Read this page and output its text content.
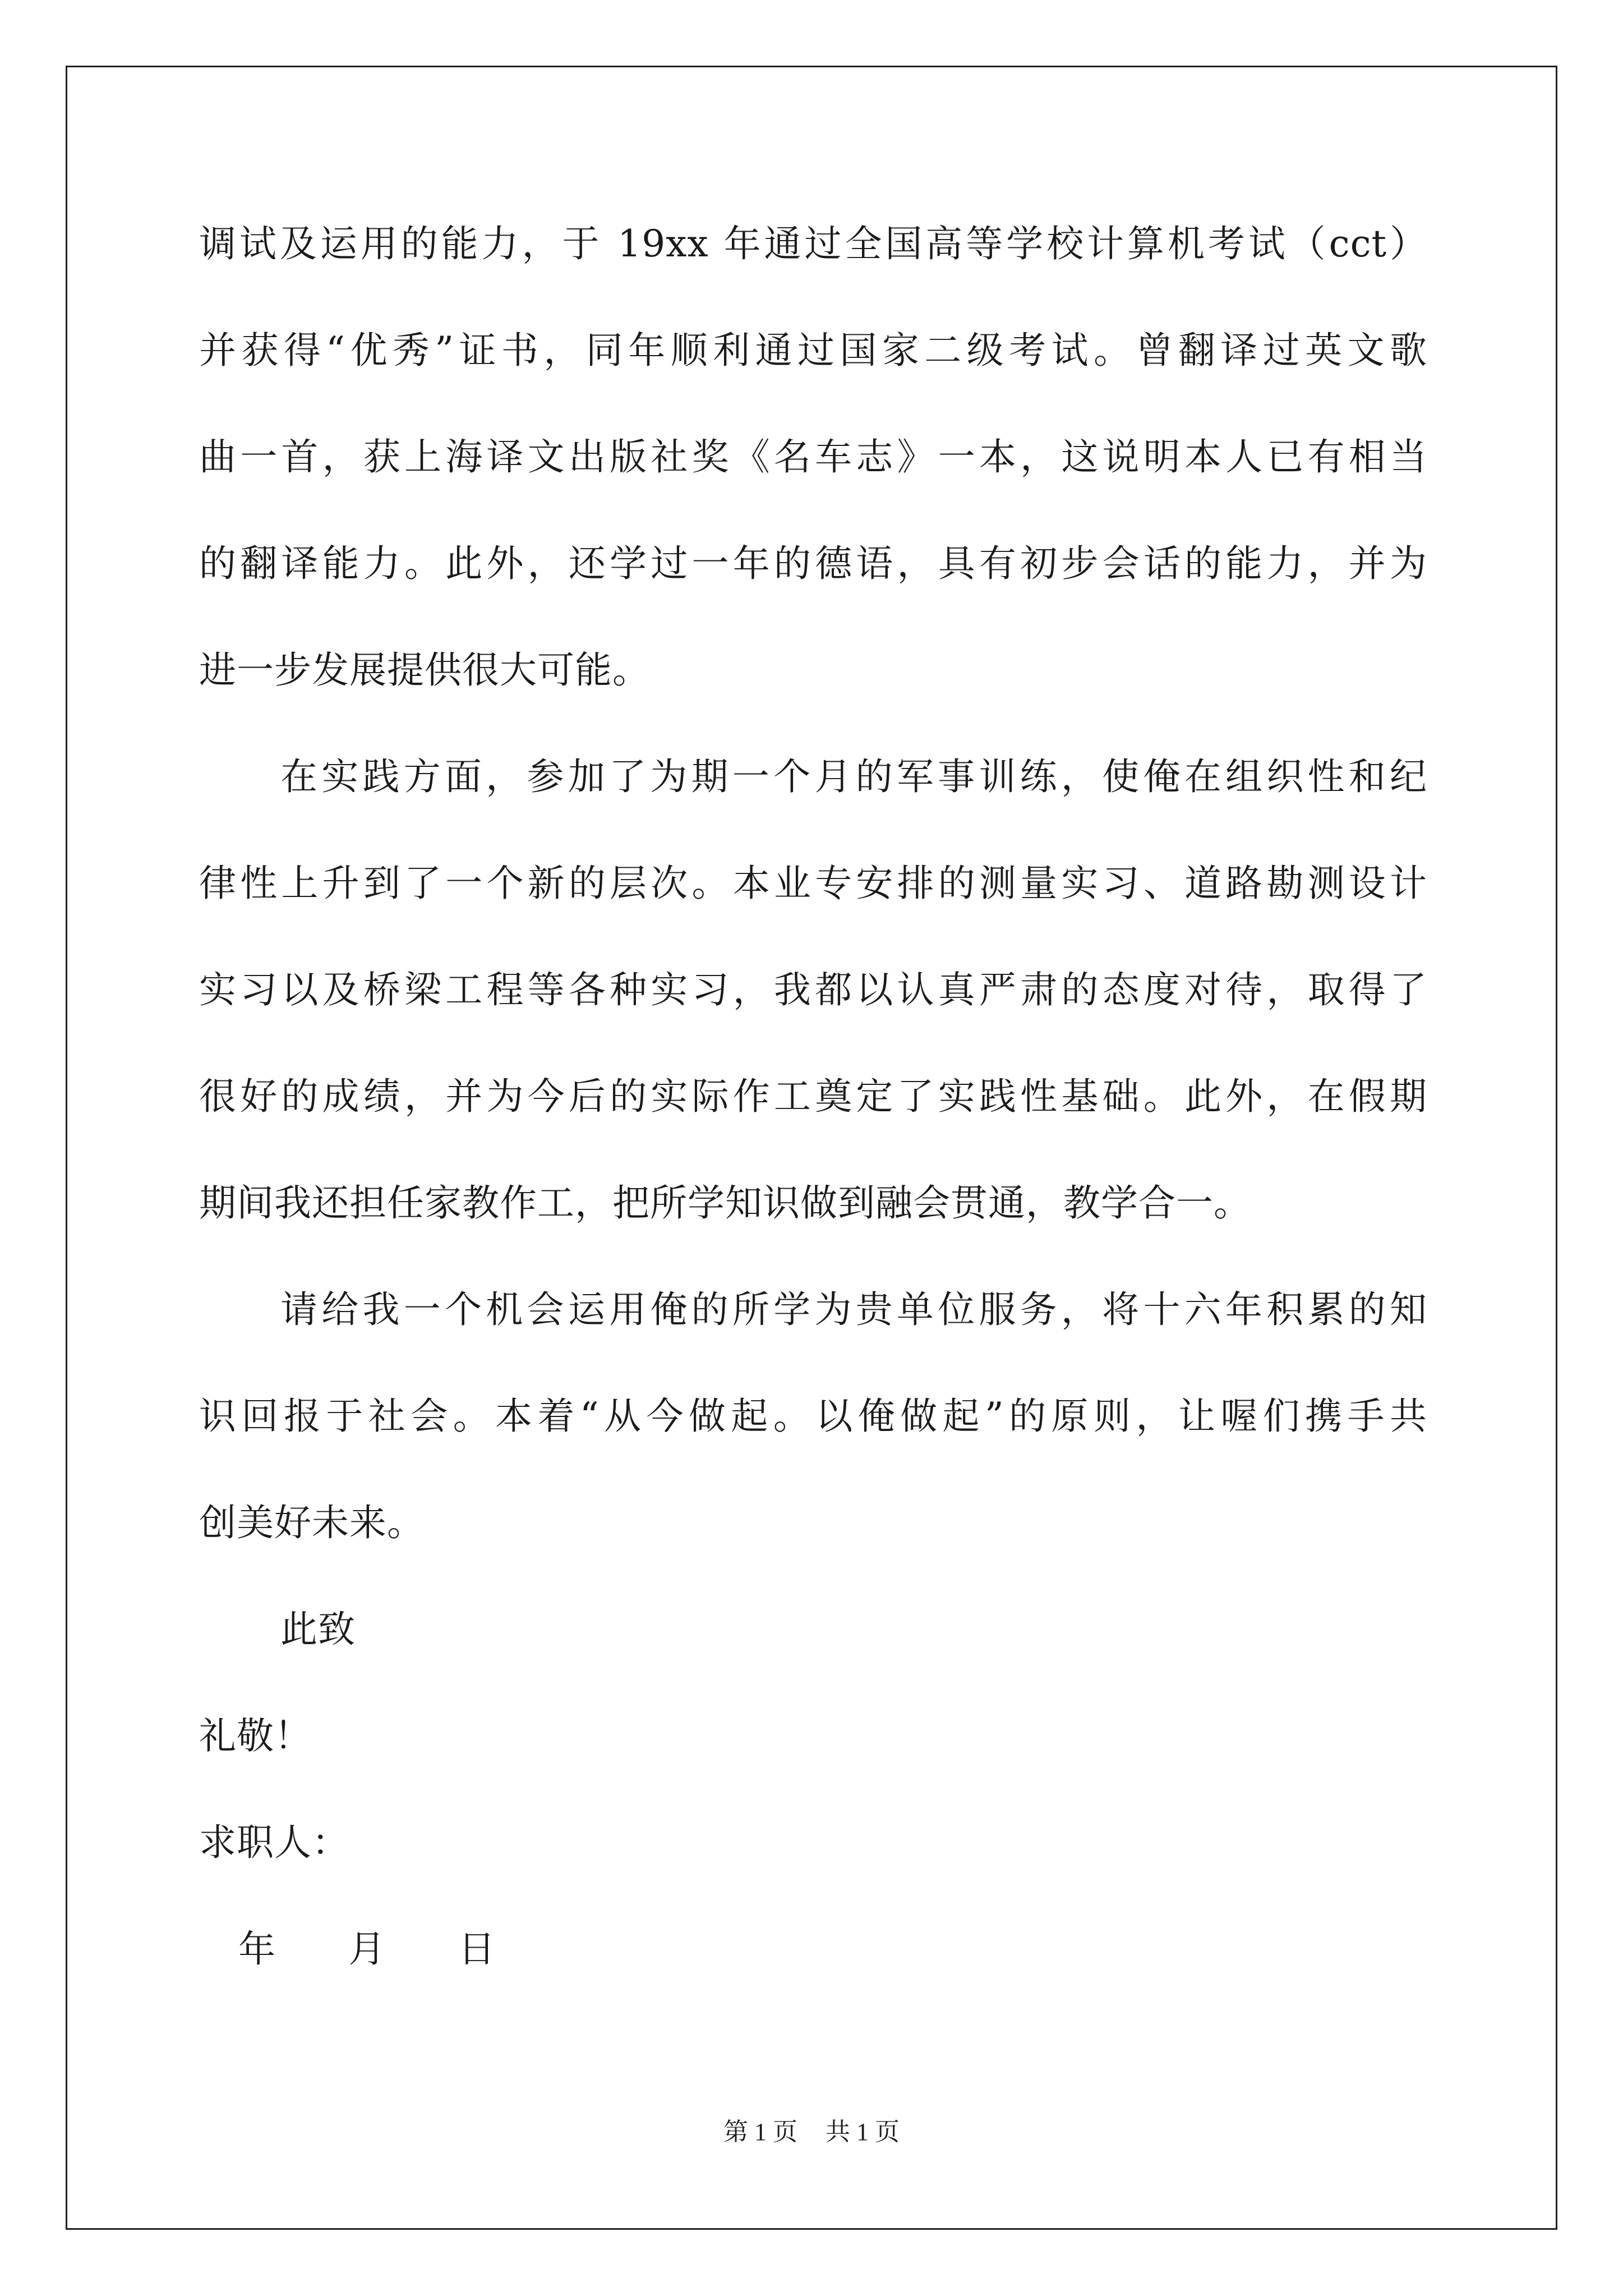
调试及运用的能力，于 19xx 年通过全国高等学校计算机考试（cct）
并获得“优秀”证书，同年顺利通过国家二级考试。曾翻译过英文歌
曲一首，获上海译文出版社奖《名车志》一本，这说明本人已有相当
的翻译能力。此外，还学过一年的德语，具有初步会话的能力，并为
进一步发展提供很大可能。
在实践方面，参加了为期一个月的军事训练，使俺在组织性和纪
律性上升到了一个新的层次。本业专安排的测量实习、道路勘测设计
实习以及桥梁工程等各种实习，我都以认真严肃的态度对待，取得了
很好的成绩，并为今后的实际作工奠定了实践性基础。此外，在假期
期间我还担任家教作工，把所学知识做到融会贯通，教学合一。
请给我一个机会运用俺的所学为贵单位服务，将十六年积累的知
识回报于社会。本着“从今做起。以俺做起”的原则，让喔们携手共
创美好未来。
此致
礼敬！
求职人：
年　 月　 日
第 1 页 共 1 页
